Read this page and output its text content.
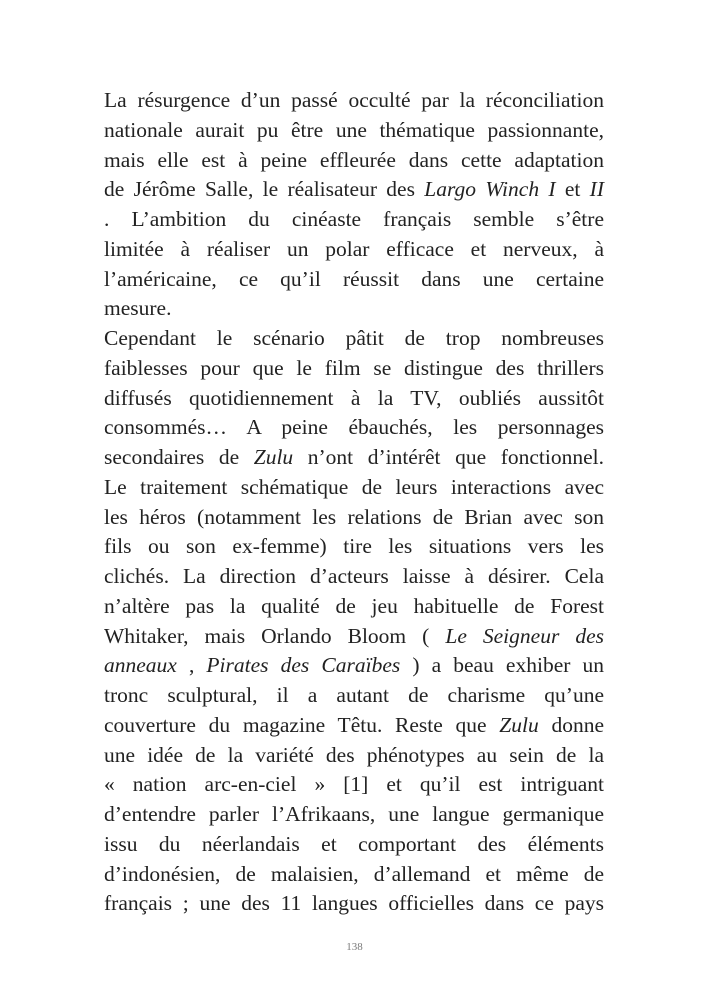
La résurgence d’un passé occulté par la réconciliation

nationale aurait pu être une thématique passionnante,

mais elle est à peine effleurée dans cette adaptation

de Jérôme Salle, le réalisateur des Largo Winch I et II

. L’ambition du cinéaste français semble s’être

limitée à réaliser un polar efficace et nerveux, à

l’américaine, ce qu’il réussit dans une certaine

mesure.

Cependant le scénario pâtit de trop nombreuses

faiblesses pour que le film se distingue des thrillers

diffusés quotidiennement à la TV, oubliés aussitôt

consommés… A peine ébauchés, les personnages

secondaires de Zulu n’ont d’intérêt que fonctionnel.

Le traitement schématique de leurs interactions avec

les héros (notamment les relations de Brian avec son

fils ou son ex-femme) tire les situations vers les

clichés. La direction d’acteurs laisse à désirer. Cela

n’altère pas la qualité de jeu habituelle de Forest

Whitaker, mais Orlando Bloom ( Le Seigneur des

anneaux , Pirates des Caraïbes ) a beau exhiber un

tronc sculptural, il a autant de charisme qu’une

couverture du magazine Têtu. Reste que Zulu donne

une idée de la variété des phénotypes au sein de la

« nation arc-en-ciel » [1] et qu’il est intriguant

d’entendre parler l’Afrikaans, une langue germanique

issu du néerlandais et comportant des éléments

d’indonésien, de malaisien, d’allemand et même de

français ; une des 11 langues officielles dans ce pays

138
